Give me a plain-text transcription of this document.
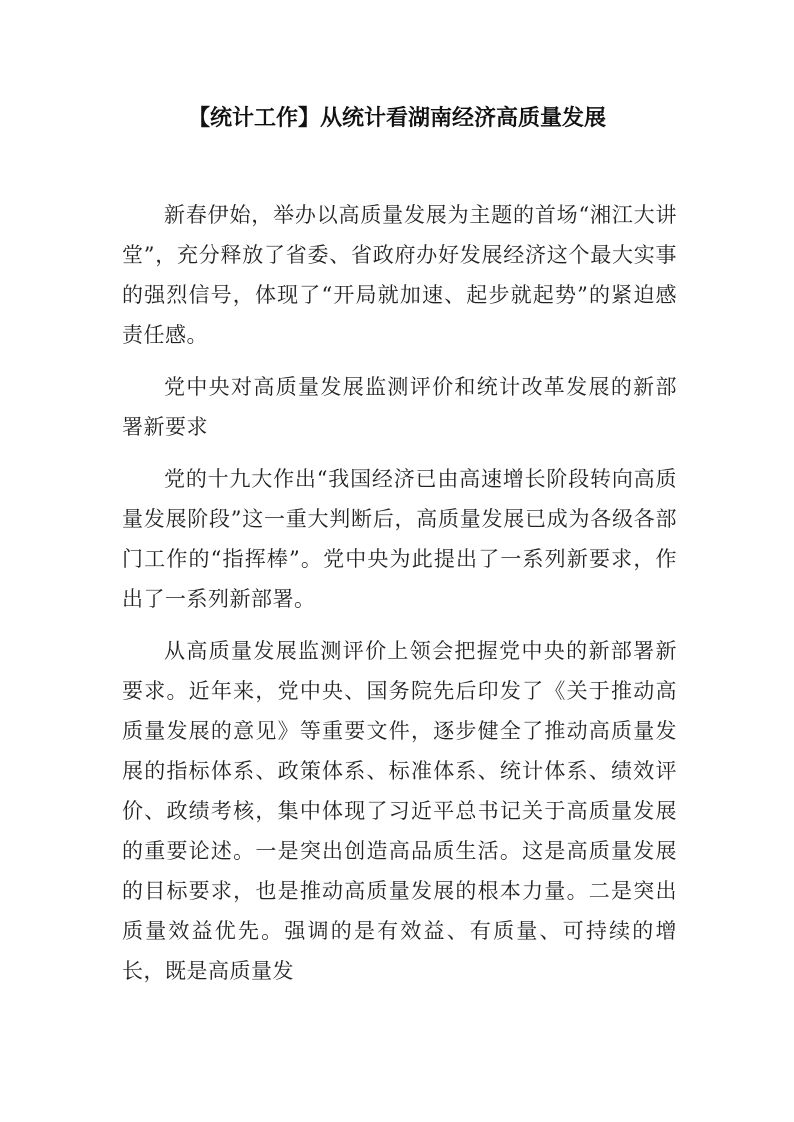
【统计工作】从统计看湖南经济高质量发展

新春伊始，举办以高质量发展为主题的首场“湘江大讲堂”，充分释放了省委、省政府办好发展经济这个最大实事的强烈信号，体现了“开局就加速、起步就起势”的紧迫感责任感。

党中央对高质量发展监测评价和统计改革发展的新部署新要求

党的十九大作出“我国经济已由高速增长阶段转向高质量发展阶段”这一重大判断后，高质量发展已成为各级各部门工作的“指挥棒”。党中央为此提出了一系列新要求，作出了一系列新部署。

从高质量发展监测评价上领会把握党中央的新部署新要求。近年来，党中央、国务院先后印发了《关于推动高质量发展的意见》等重要文件，逐步健全了推动高质量发展的指标体系、政策体系、标准体系、统计体系、绩效评价、政绩考核，集中体现了习近平总书记关于高质量发展的重要论述。一是突出创造高品质生活。这是高质量发展的目标要求，也是推动高质量发展的根本力量。二是突出质量效益优先。强调的是有效益、有质量、可持续的增长，既是高质量发
